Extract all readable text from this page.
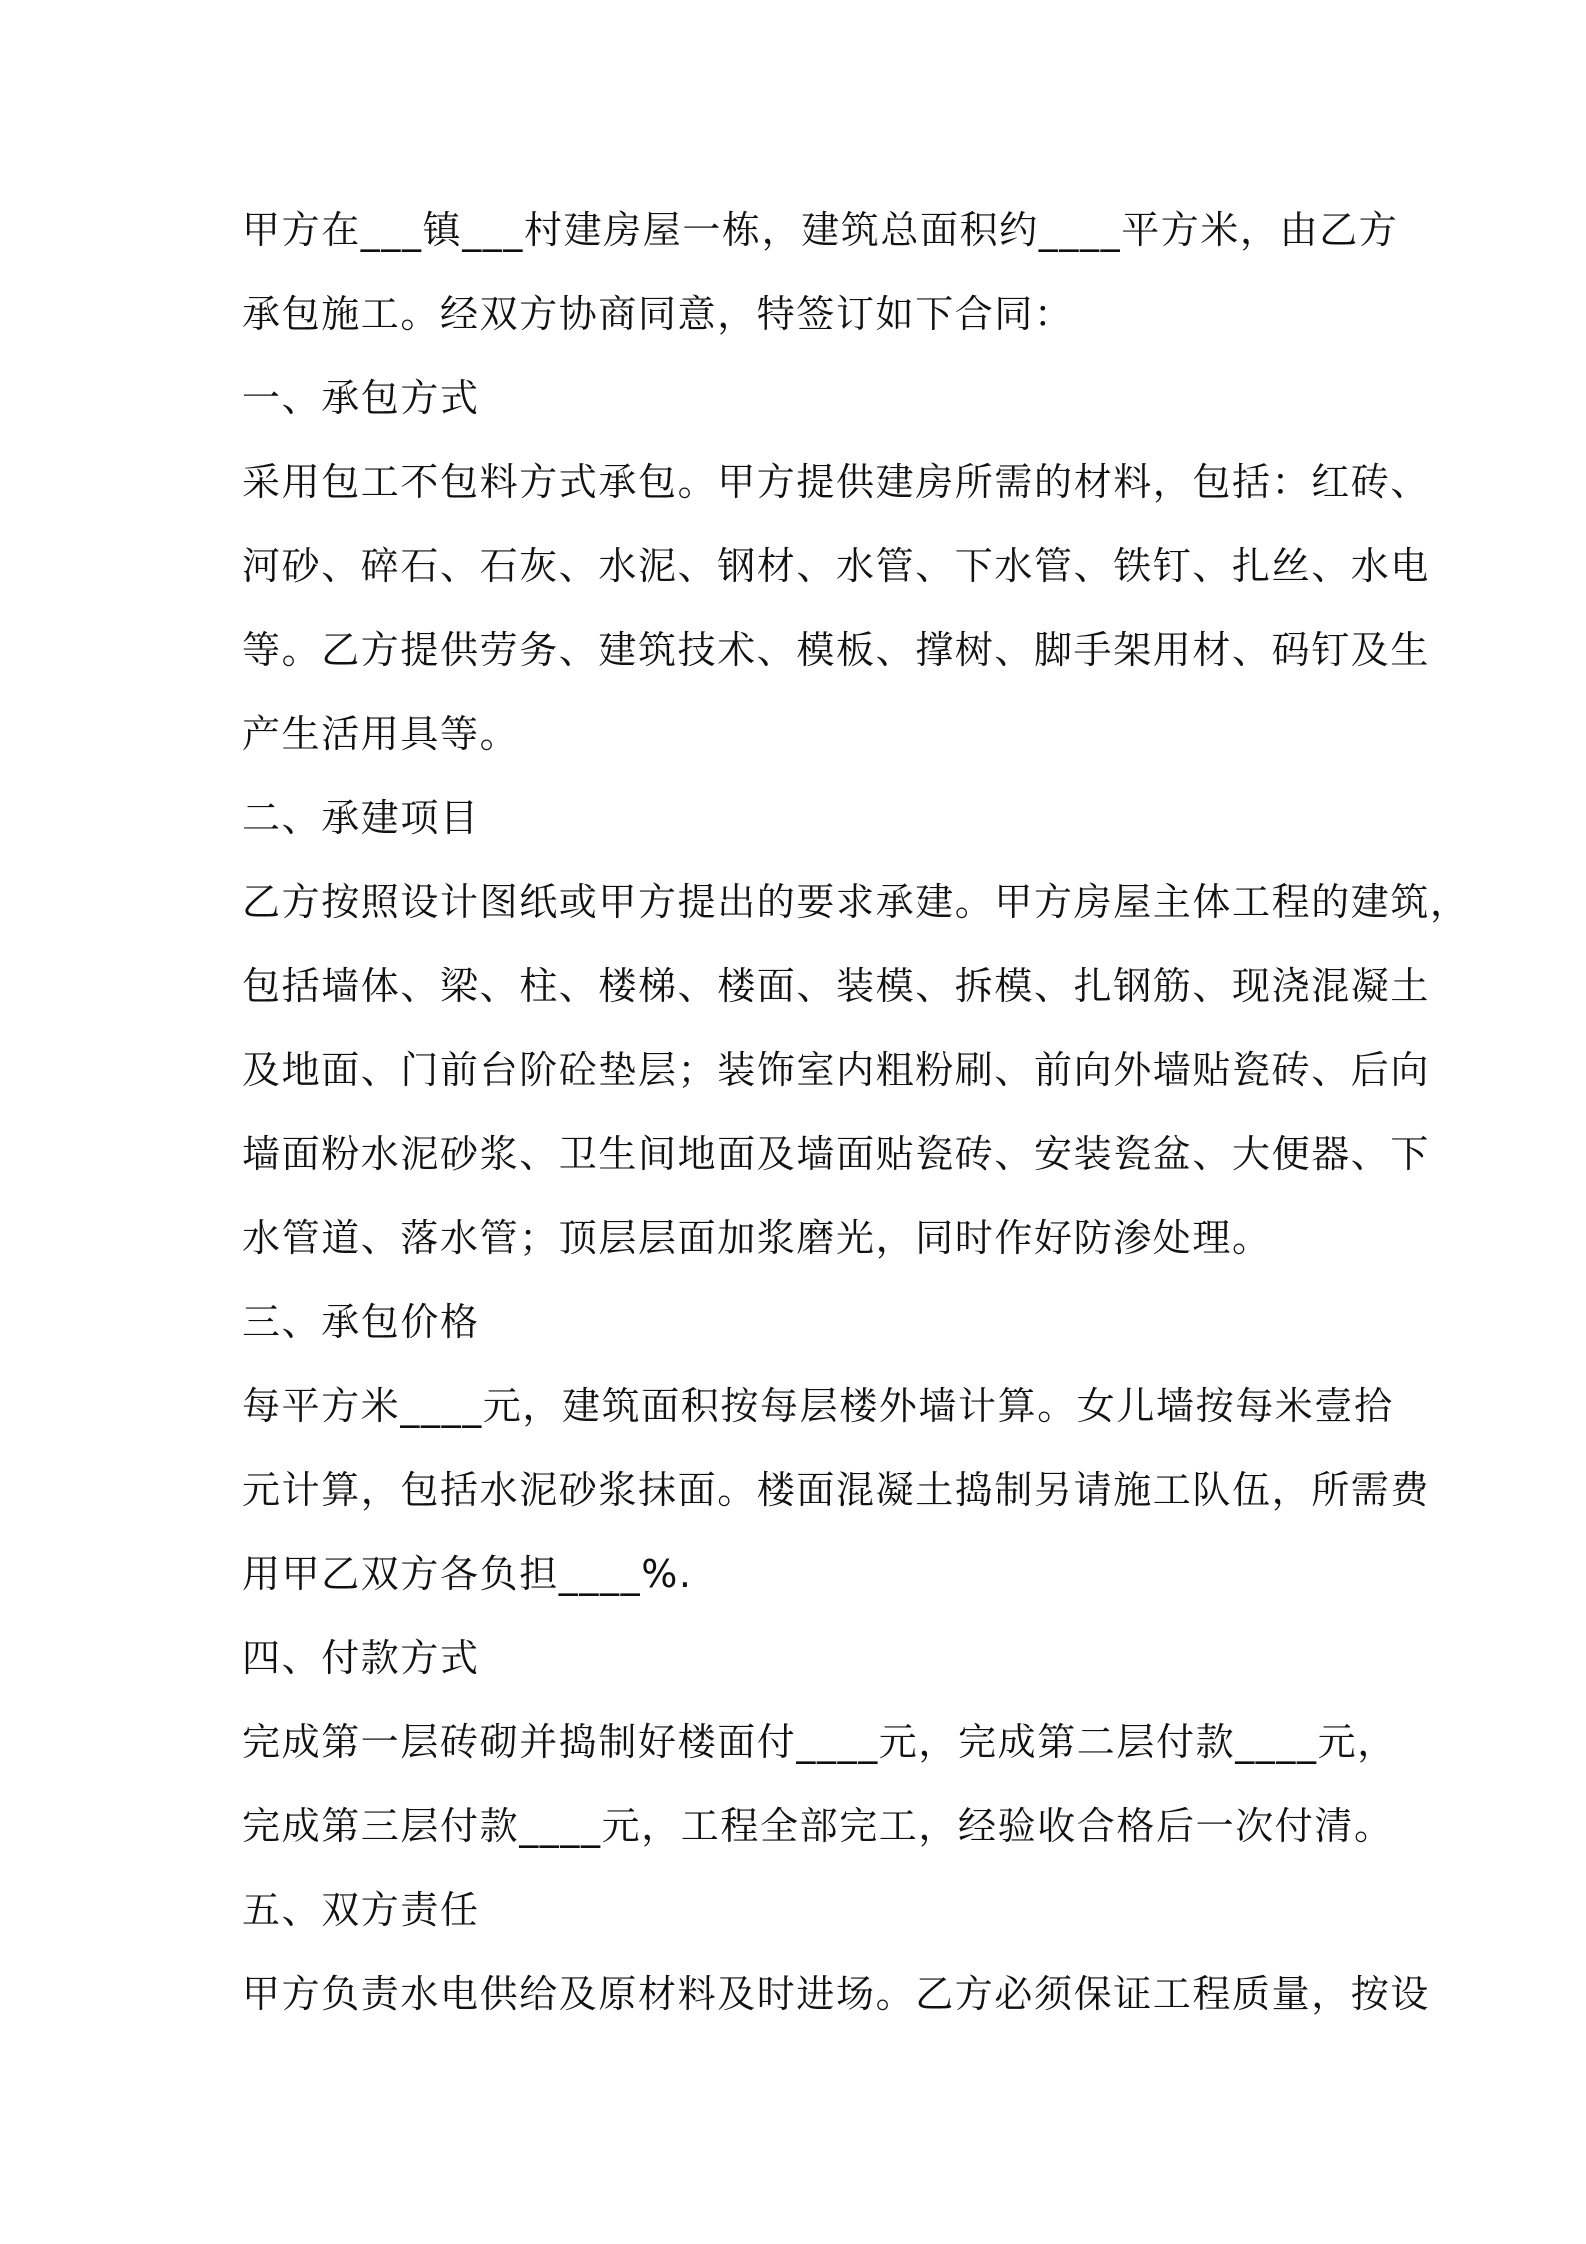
甲方在___镇___村建房屋一栋，建筑总面积约____平方米，由乙方

承包施工。经双方协商同意，特签订如下合同：

一、承包方式

采用包工不包料方式承包。甲方提供建房所需的材料，包括：红砖、

河砂、碎石、石灰、水泥、钢材、水管、下水管、铁钉、扎丝、水电

等。乙方提供劳务、建筑技术、模板、撑树、脚手架用材、码钉及生

产生活用具等。

二、承建项目

乙方按照设计图纸或甲方提出的要求承建。甲方房屋主体工程的建筑，

包括墙体、梁、柱、楼梯、楼面、装模、拆模、扎钢筋、现浇混凝土

及地面、门前台阶砼垫层；装饰室内粗粉刷、前向外墙贴瓷砖、后向

墙面粉水泥砂浆、卫生间地面及墙面贴瓷砖、安装瓷盆、大便器、下

水管道、落水管；顶层层面加浆磨光，同时作好防渗处理。

三、承包价格

每平方米____元，建筑面积按每层楼外墙计算。女儿墙按每米壹拾

元计算，包括水泥砂浆抹面。楼面混凝土捣制另请施工队伍，所需费

用甲乙双方各负担____%.

四、付款方式

完成第一层砖砌并捣制好楼面付____元，完成第二层付款____元，

完成第三层付款____元，工程全部完工，经验收合格后一次付清。

五、双方责任

甲方负责水电供给及原材料及时进场。乙方必须保证工程质量，按设
